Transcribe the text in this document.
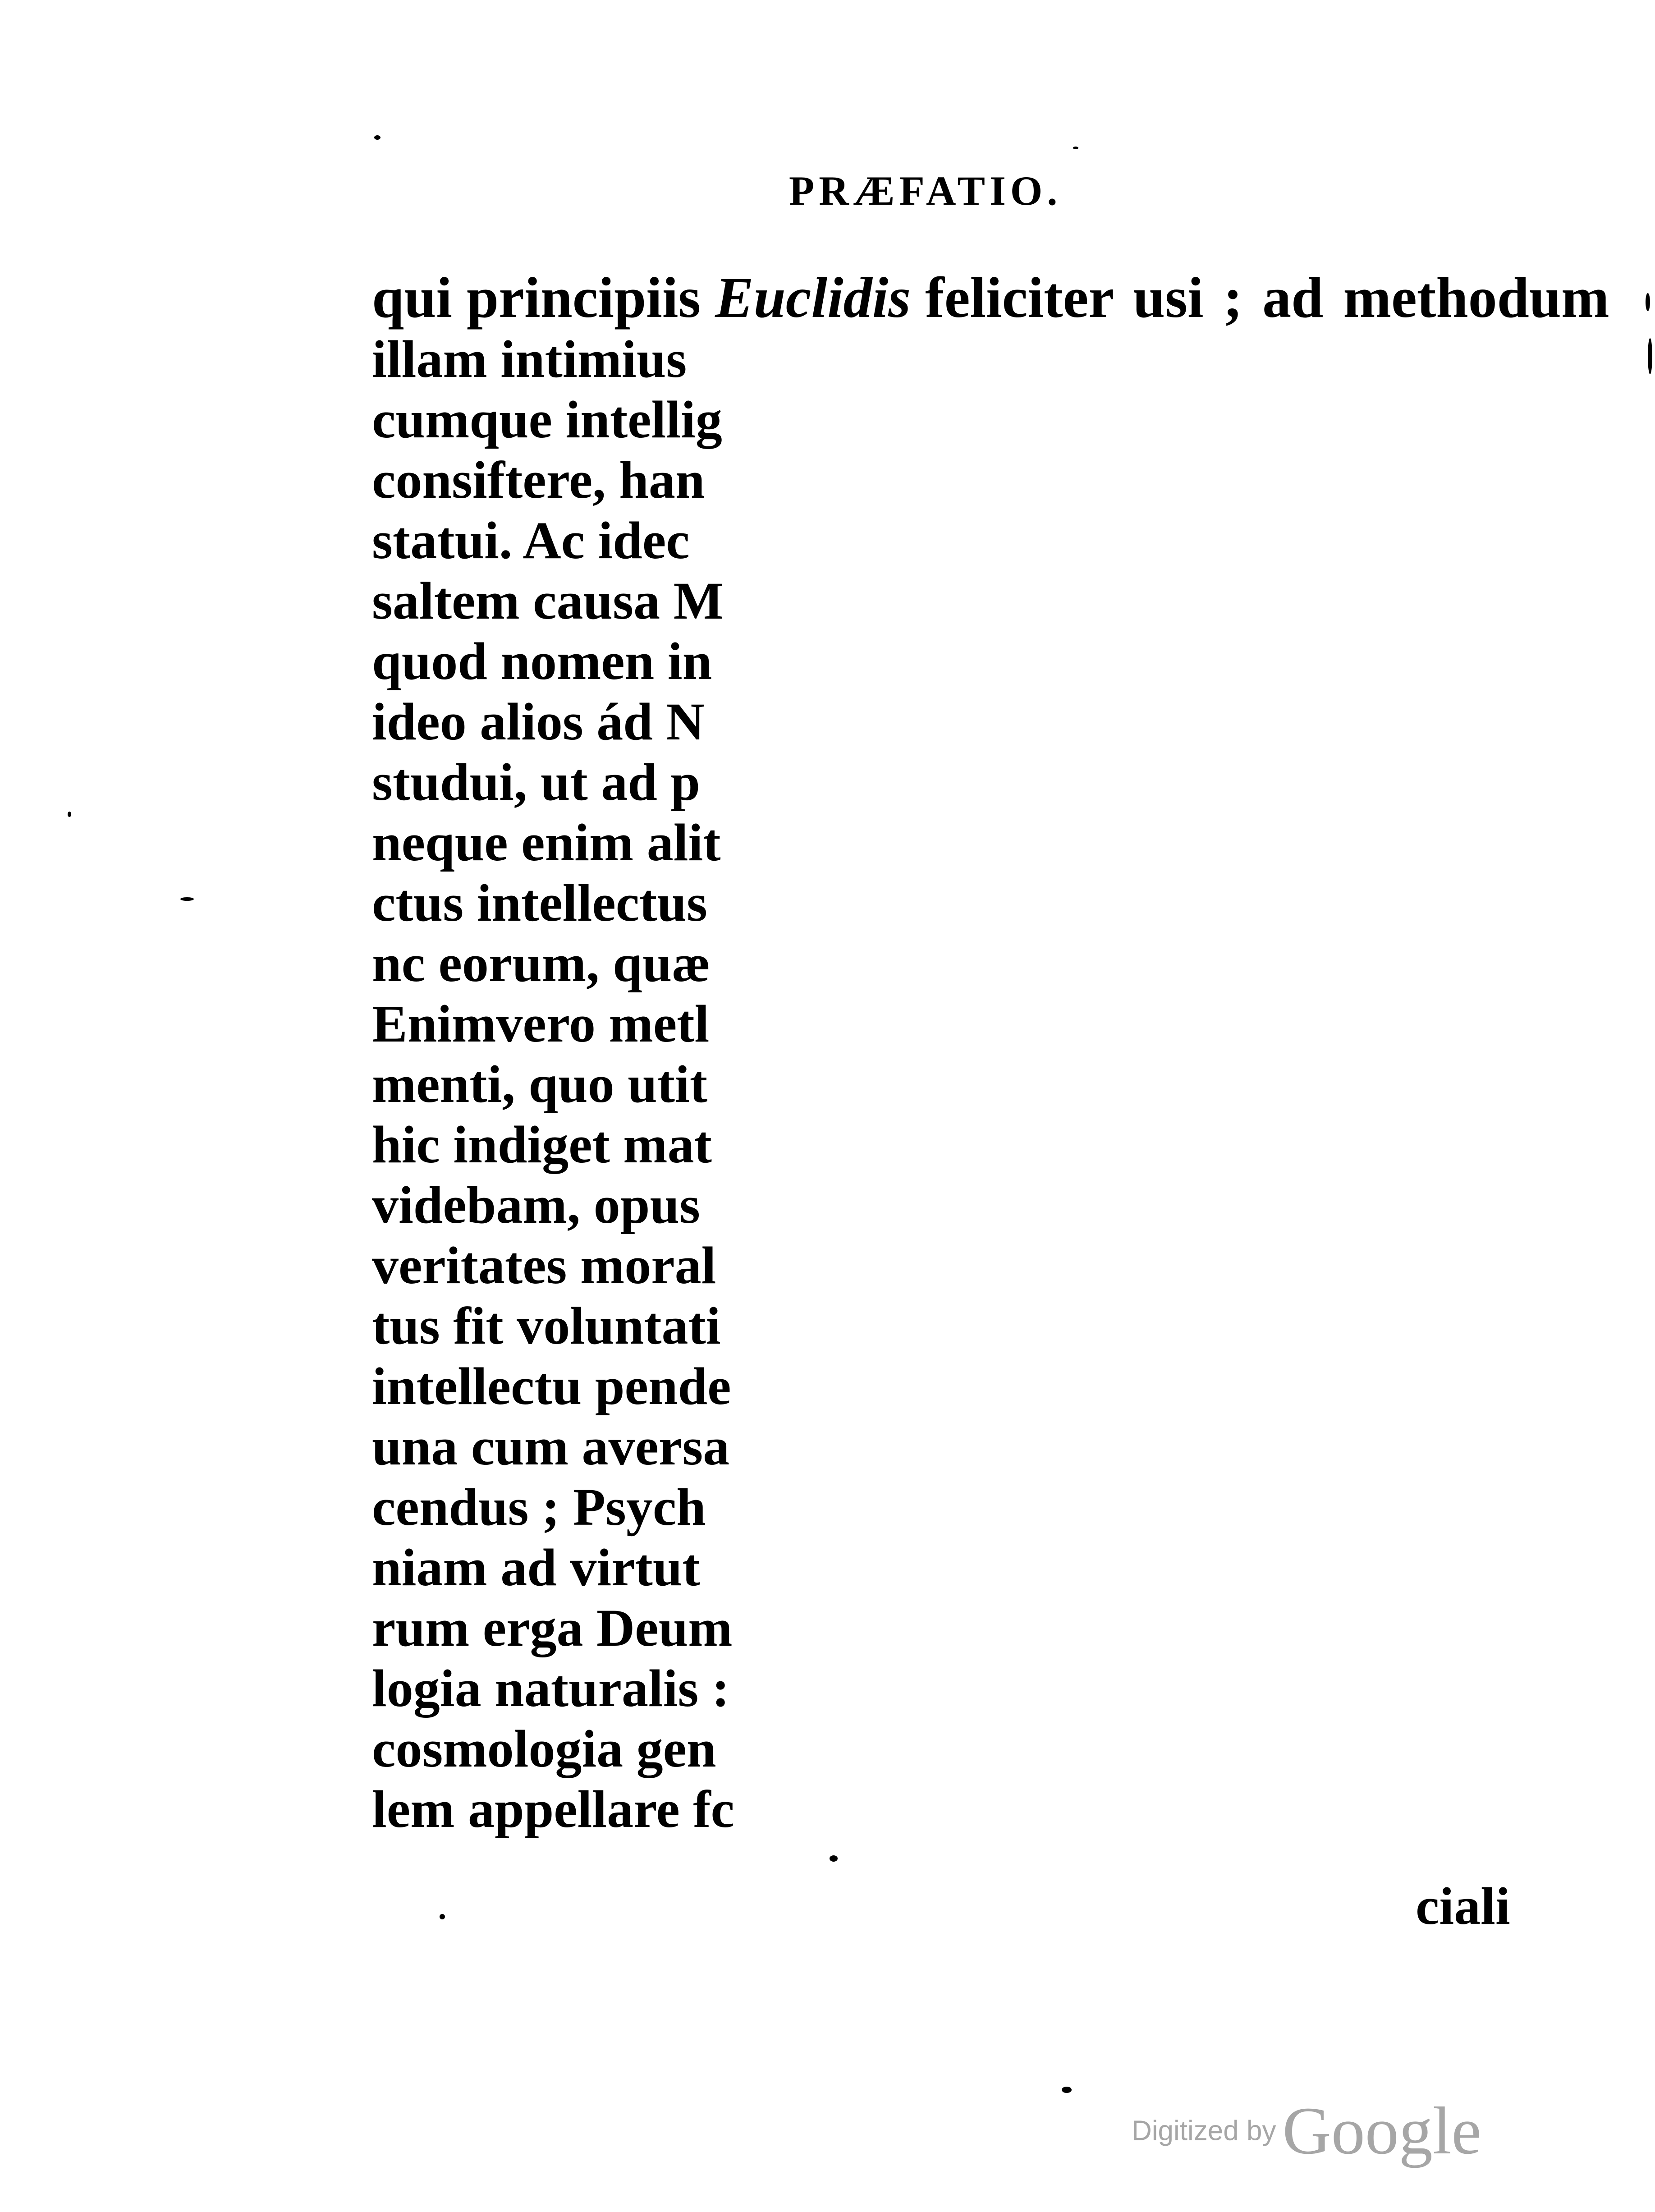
PRÆFATIO.
qui principiis Euclidis feliciter usi ; ad methodum
illam intimius
cumque intellig
consiftere, han
statui. Ac idec
saltem causa M
quod nomen in
ideo alios ád N
studui, ut ad p
neque enim alit
ctus intellectus
nc eorum, quæ
Enimvero metl
menti, quo utit
hic indiget mat
videbam, opus
veritates moral
tus fit voluntati
intellectu pende
una cum aversa
cendus ; Psych
niam ad virtut
rum erga Deum
logia naturalis :
cosmologia gen
lem appellare fc
ciali
Digitized by Google
